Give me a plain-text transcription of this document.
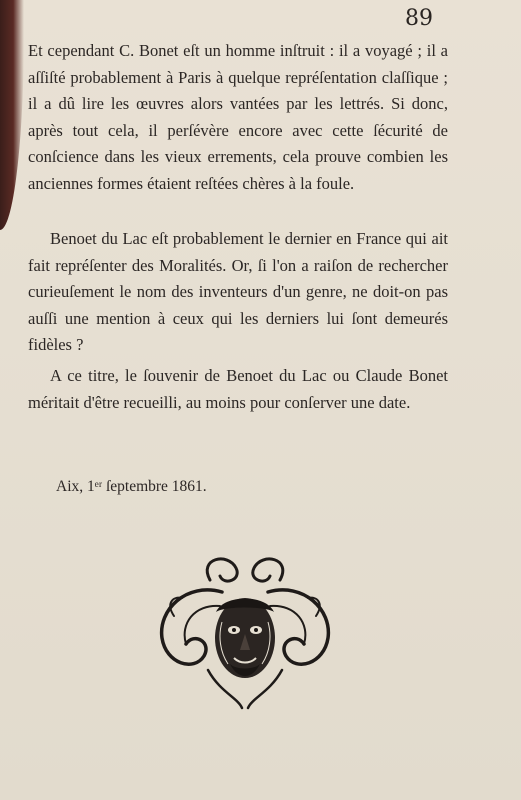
89

Et cependant C. Bonet eſt un homme inſtruit : il a voyagé ; il a aſſiſté probablement à Paris à quelque repréſentation claſſique ; il a dû lire les œuvres alors vantées par les lettrés. Si donc, après tout cela, il perſévère encore avec cette ſécurité de conſcience dans les vieux errements, cela prouve combien les anciennes formes étaient reſtées chères à la foule.

Benoet du Lac eſt probablement le dernier en France qui ait fait repréſenter des Moralités. Or, ſi l'on a raiſon de rechercher curieuſement le nom des inventeurs d'un genre, ne doit-on pas auſſi une mention à ceux qui les derniers lui ſont demeurés fidèles ?

A ce titre, le ſouvenir de Benoet du Lac ou Claude Bonet méritait d'être recueilli, au moins pour conſerver une date.

Aix, 1ᵉʳ ſeptembre 1861.
